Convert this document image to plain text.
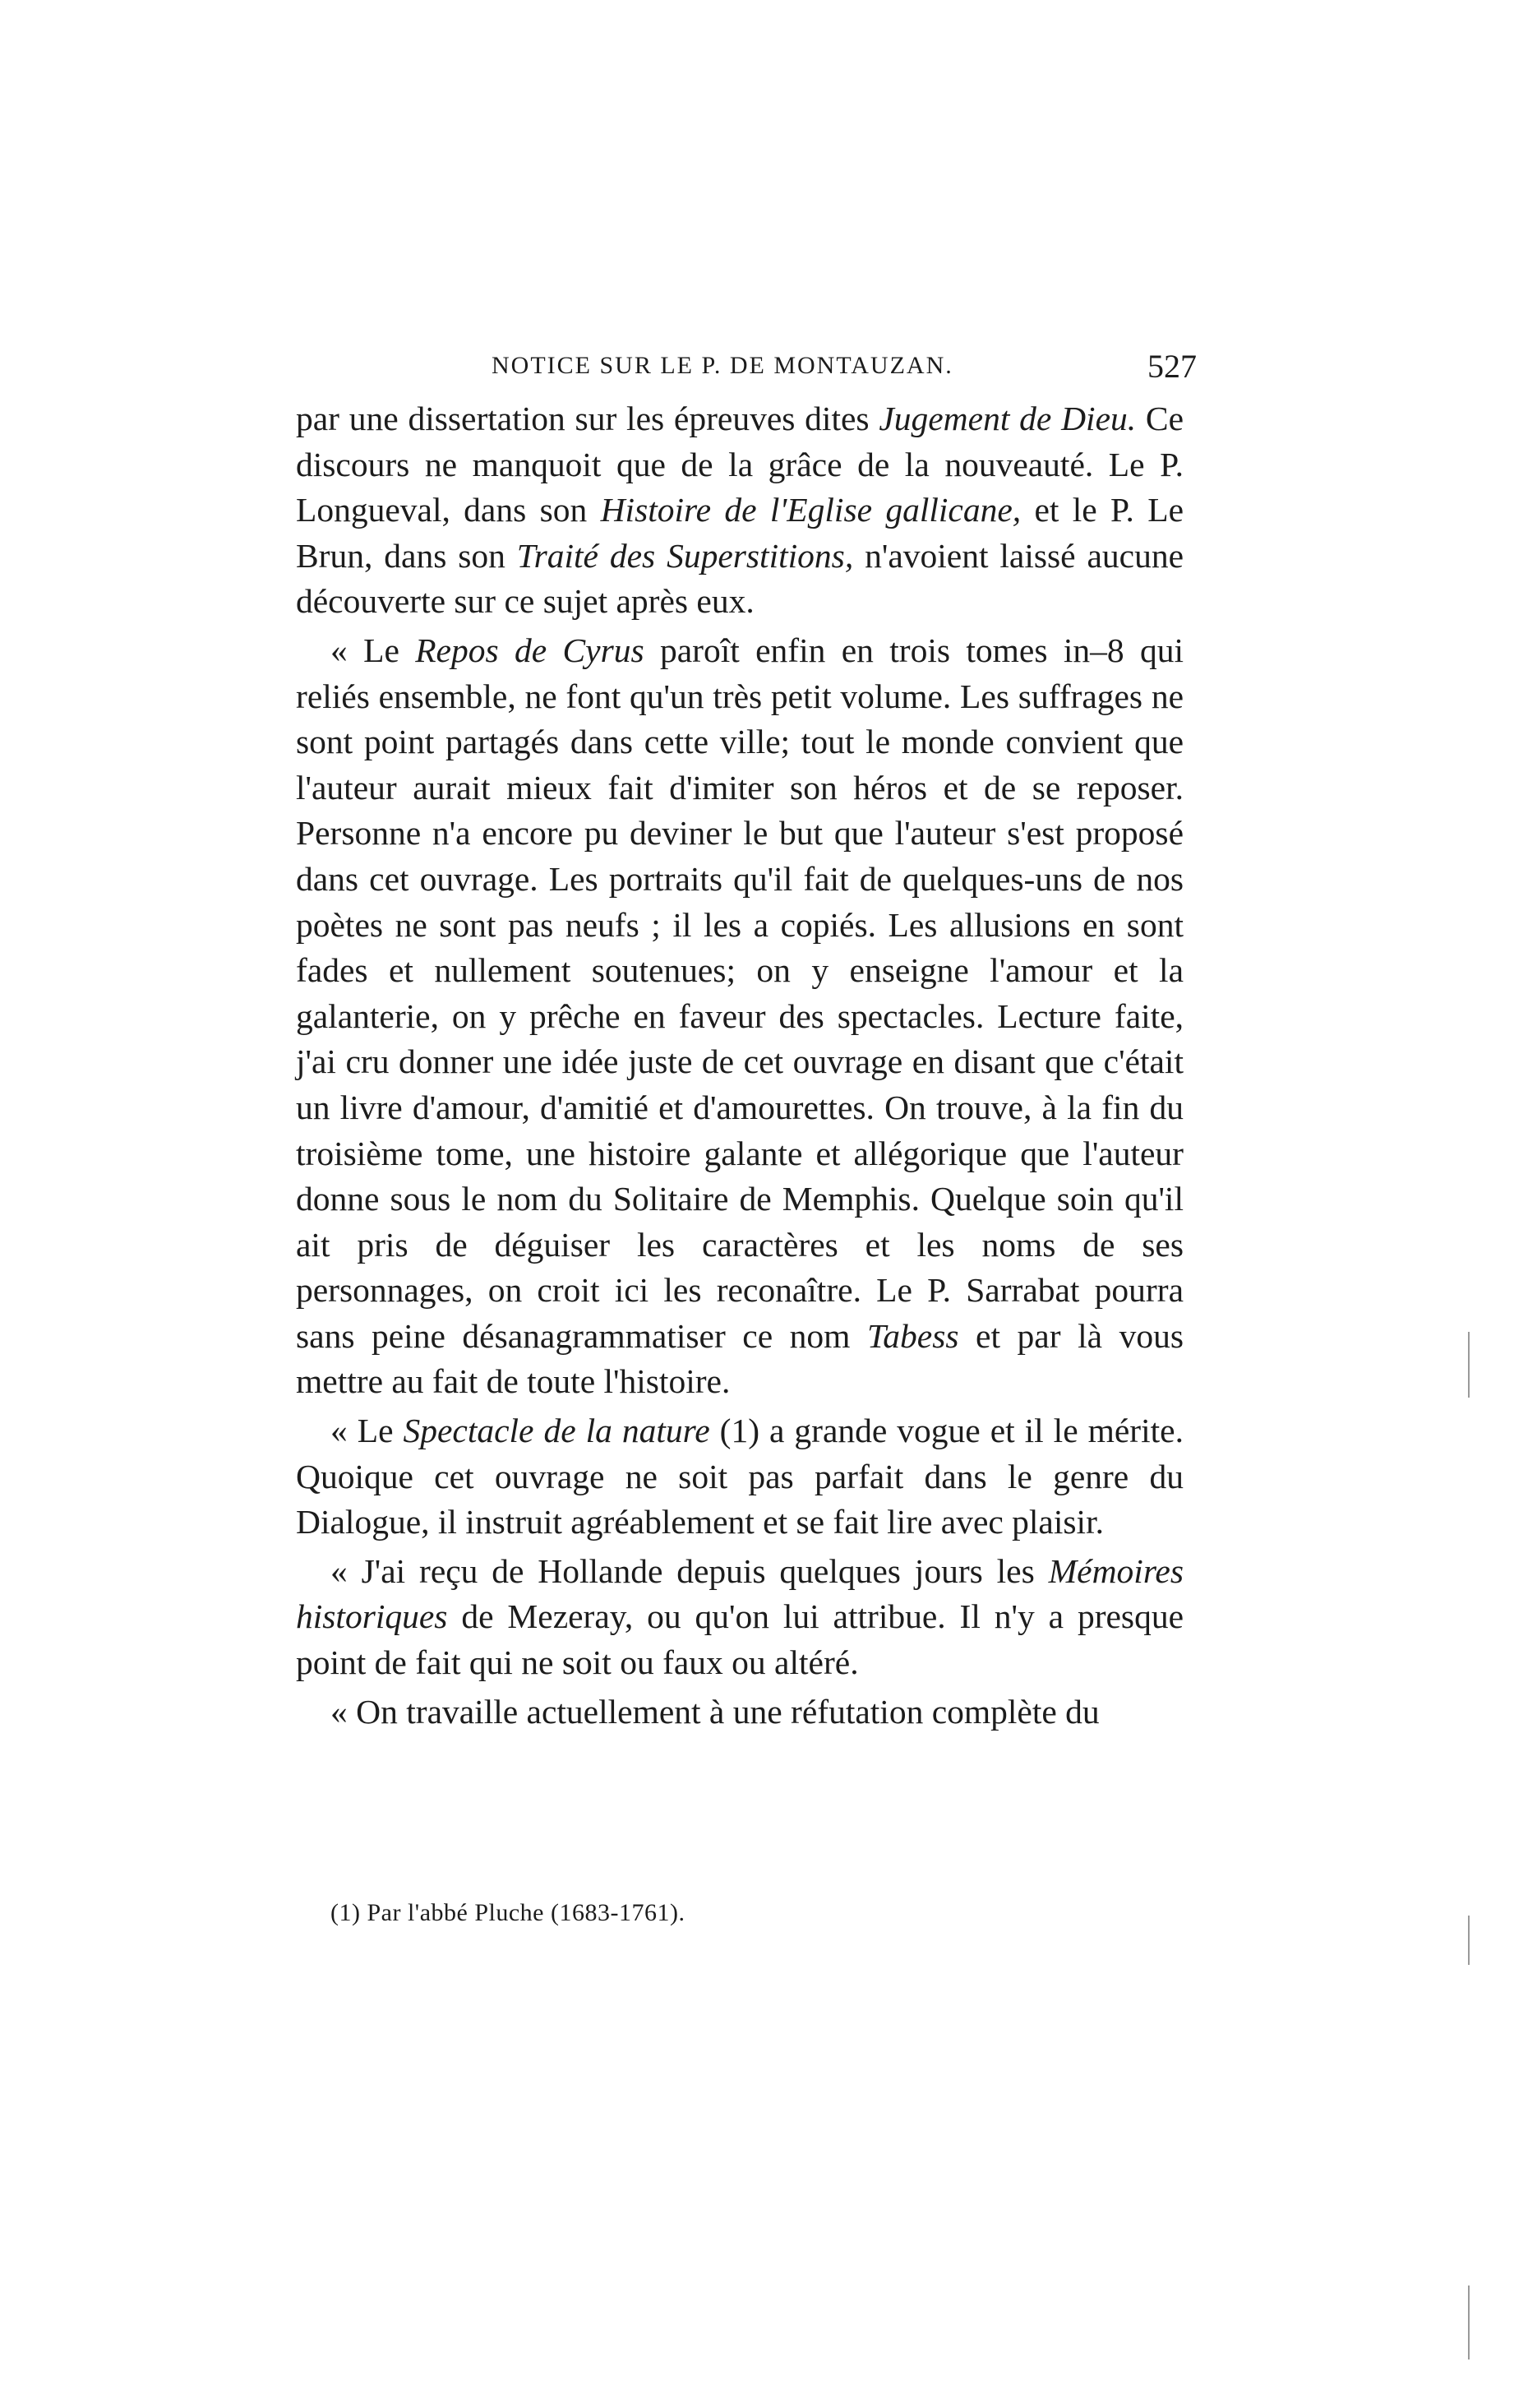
NOTICE SUR LE P. DE MONTAUZAN.	527

par une dissertation sur les épreuves dites Jugement de Dieu. Ce discours ne manquoit que de la grâce de la nouveauté. Le P. Longueval, dans son Histoire de l'Eglise gallicane, et le P. Le Brun, dans son Traité des Superstitions, n'avoient laissé aucune découverte sur ce sujet après eux.

« Le Repos de Cyrus paroît enfin en trois tomes in–8 qui reliés ensemble, ne font qu'un très petit volume. Les suffrages ne sont point partagés dans cette ville; tout le monde convient que l'auteur aurait mieux fait d'imiter son héros et de se reposer. Personne n'a encore pu deviner le but que l'auteur s'est proposé dans cet ouvrage. Les portraits qu'il fait de quelques-uns de nos poètes ne sont pas neufs ; il les a copiés. Les allusions en sont fades et nullement soutenues; on y enseigne l'amour et la galanterie, on y prêche en faveur des spectacles. Lecture faite, j'ai cru donner une idée juste de cet ouvrage en disant que c'était un livre d'amour, d'amitié et d'amourettes. On trouve, à la fin du troisième tome, une histoire galante et allégorique que l'auteur donne sous le nom du Solitaire de Memphis. Quelque soin qu'il ait pris de déguiser les caractères et les noms de ses personnages, on croit ici les reconaître. Le P. Sarrabat pourra sans peine désanagrammatiser ce nom Tabess et par là vous mettre au fait de toute l'histoire.

« Le Spectacle de la nature (1) a grande vogue et il le mérite. Quoique cet ouvrage ne soit pas parfait dans le genre du Dialogue, il instruit agréablement et se fait lire avec plaisir.

« J'ai reçu de Hollande depuis quelques jours les Mémoires historiques de Mezeray, ou qu'on lui attribue. Il n'y a presque point de fait qui ne soit ou faux ou altéré.

« On travaille actuellement à une réfutation complète du

(1) Par l'abbé Pluche (1683-1761).
